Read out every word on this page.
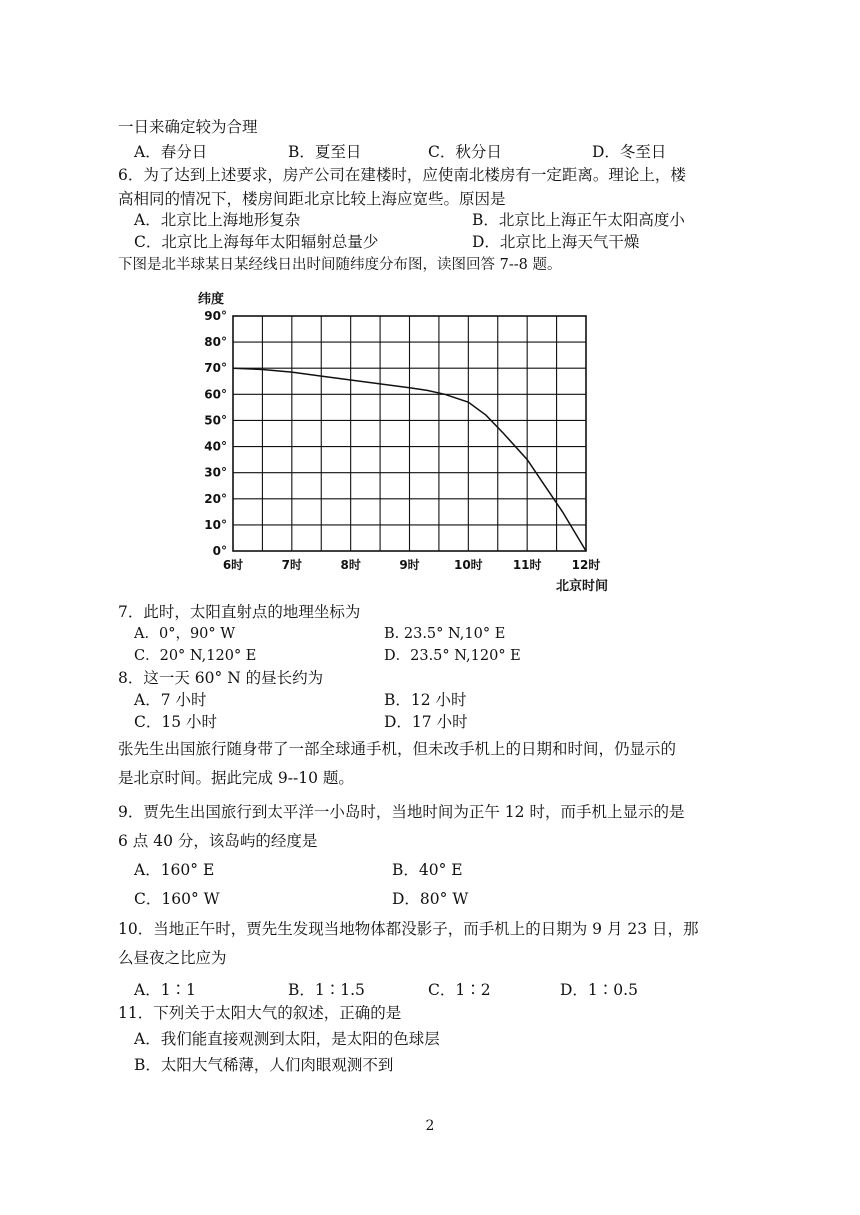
一日来确定较为合理
A．春分日	B．夏至日	C．秋分日	D．冬至日
6．为了达到上述要求，房产公司在建楼时，应使南北楼房有一定距离。理论上，楼
高相同的情况下，楼房间距北京比较上海应宽些。原因是
A．北京比上海地形复杂	B．北京比上海正午太阳高度小
C．北京比上海每年太阳辐射总量少	D．北京比上海天气干燥
下图是北半球某日某经线日出时间随纬度分布图，读图回答 7--8 题。
0°
10°
20°
30°
40°
50°
60°
70°
80°
90°
6时	7时	8时	9时	10时	11时	12时
纬度
北京时间
7．此时，太阳直射点的地理坐标为
A．0°，90° W	B. 23.5° N,10° E
C．20° N,120° E	D．23.5° N,120° E
8．这一天 60° N 的昼长约为
A．7 小时	B．12 小时
C．15 小时	D．17 小时
张先生出国旅行随身带了一部全球通手机，但未改手机上的日期和时间，仍显示的
是北京时间。据此完成 9--10 题。
9．贾先生出国旅行到太平洋一小岛时，当地时间为正午 12 时，而手机上显示的是
6 点 40 分，该岛屿的经度是
A．160° E	B．40° E
C．160° W	D．80° W
10．当地正午时，贾先生发现当地物体都没影子，而手机上的日期为 9 月 23 日，那
么昼夜之比应为
A．1∶1	B．1∶1.5	C．1∶2	D．1∶0.5
11．下列关于太阳大气的叙述，正确的是
A．我们能直接观测到太阳，是太阳的色球层
B．太阳大气稀薄，人们肉眼观测不到
2
